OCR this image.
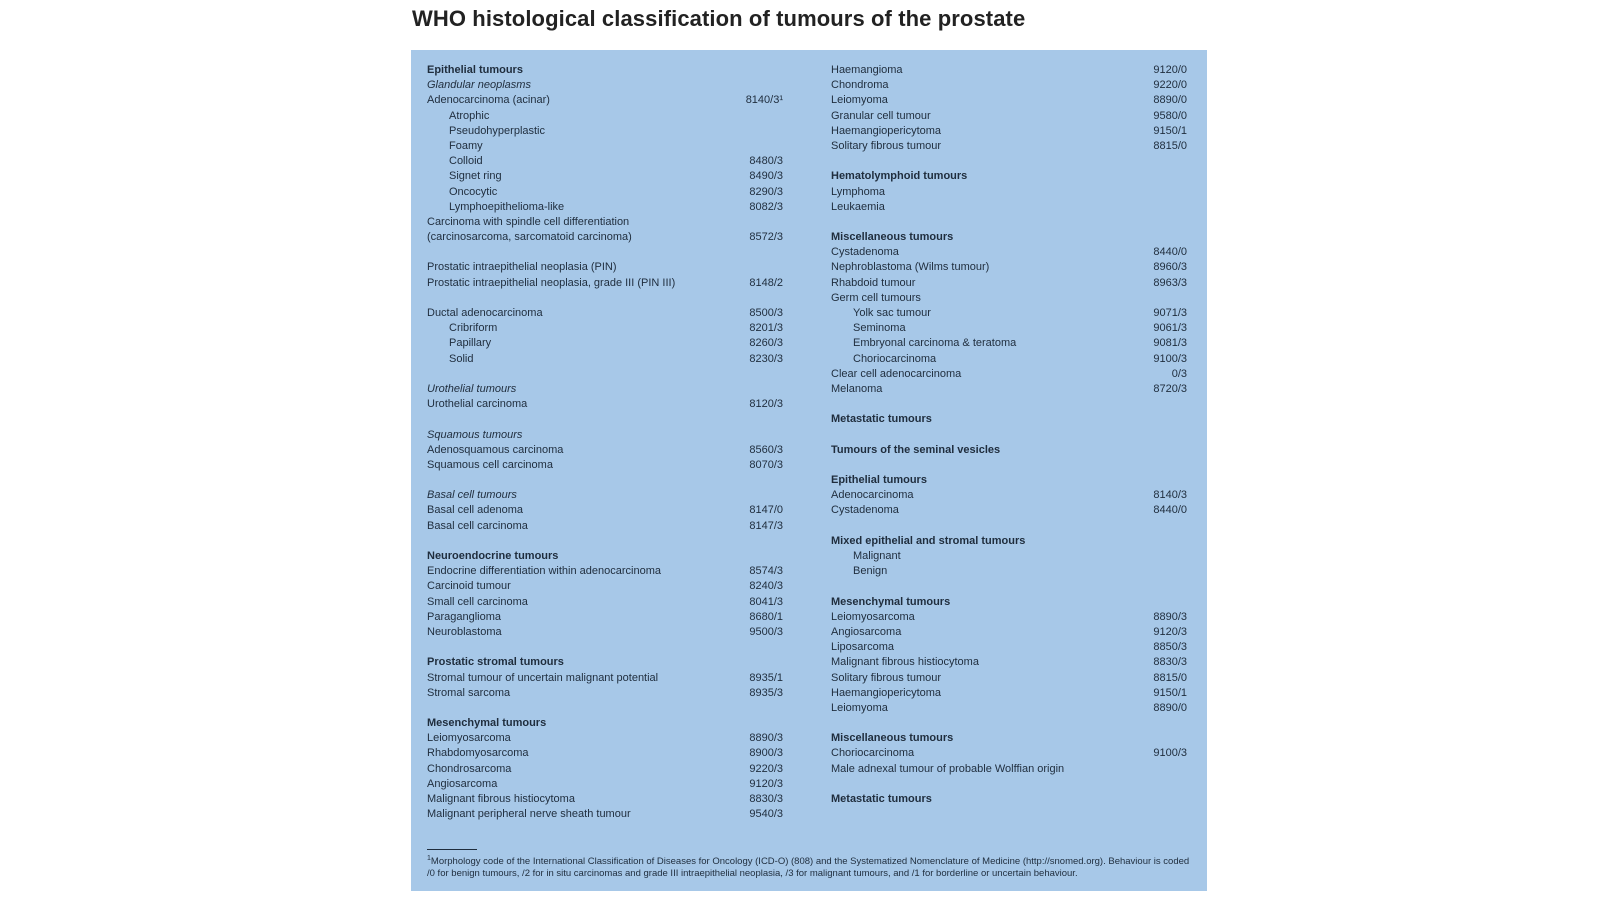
WHO histological classification of tumours of the prostate
Epithelial tumours
Glandular neoplasms
Adenocarcinoma (acinar)	8140/3¹
Atrophic
Pseudohyperplastic
Foamy
Colloid	8480/3
Signet ring	8490/3
Oncocytic	8290/3
Lymphoepithelioma-like	8082/3
Carcinoma with spindle cell differentiation
(carcinosarcoma, sarcomatoid carcinoma)	8572/3
Prostatic intraepithelial neoplasia (PIN)
Prostatic intraepithelial neoplasia, grade III (PIN III)	8148/2
Ductal adenocarcinoma	8500/3
Cribriform	8201/3
Papillary	8260/3
Solid	8230/3
Urothelial tumours
Urothelial carcinoma	8120/3
Squamous tumours
Adenosquamous carcinoma	8560/3
Squamous cell carcinoma	8070/3
Basal cell tumours
Basal cell adenoma	8147/0
Basal cell carcinoma	8147/3
Neuroendocrine tumours
Endocrine differentiation within adenocarcinoma	8574/3
Carcinoid tumour	8240/3
Small cell carcinoma	8041/3
Paraganglioma	8680/1
Neuroblastoma	9500/3
Prostatic stromal tumours
Stromal tumour of uncertain malignant potential	8935/1
Stromal sarcoma	8935/3
Mesenchymal tumours
Leiomyosarcoma	8890/3
Rhabdomyosarcoma	8900/3
Chondrosarcoma	9220/3
Angiosarcoma	9120/3
Malignant fibrous histiocytoma	8830/3
Malignant peripheral nerve sheath tumour	9540/3
Haemangioma	9120/0
Chondroma	9220/0
Leiomyoma	8890/0
Granular cell tumour	9580/0
Haemangiopericytoma	9150/1
Solitary fibrous tumour	8815/0
Hematolymphoid tumours
Lymphoma
Leukaemia
Miscellaneous tumours
Cystadenoma	8440/0
Nephroblastoma (Wilms tumour)	8960/3
Rhabdoid tumour	8963/3
Germ cell tumours
Yolk sac tumour	9071/3
Seminoma	9061/3
Embryonal carcinoma & teratoma	9081/3
Choriocarcinoma	9100/3
Clear cell adenocarcinoma	0/3
Melanoma	8720/3
Metastatic tumours
Tumours of the seminal vesicles
Epithelial tumours
Adenocarcinoma	8140/3
Cystadenoma	8440/0
Mixed epithelial and stromal tumours
Malignant
Benign
Mesenchymal tumours
Leiomyosarcoma	8890/3
Angiosarcoma	9120/3
Liposarcoma	8850/3
Malignant fibrous histiocytoma	8830/3
Solitary fibrous tumour	8815/0
Haemangiopericytoma	9150/1
Leiomyoma	8890/0
Miscellaneous tumours
Choriocarcinoma	9100/3
Male adnexal tumour of probable Wolffian origin
Metastatic tumours
$^1$Morphology code of the International Classification of Diseases for Oncology (ICD-O) (808) and the Systematized Nomenclature of Medicine (http://snomed.org). Behaviour is coded /0 for benign tumours, /2 for in situ carcinomas and grade III intraepithelial neoplasia, /3 for malignant tumours, and /1 for borderline or uncertain behaviour.
